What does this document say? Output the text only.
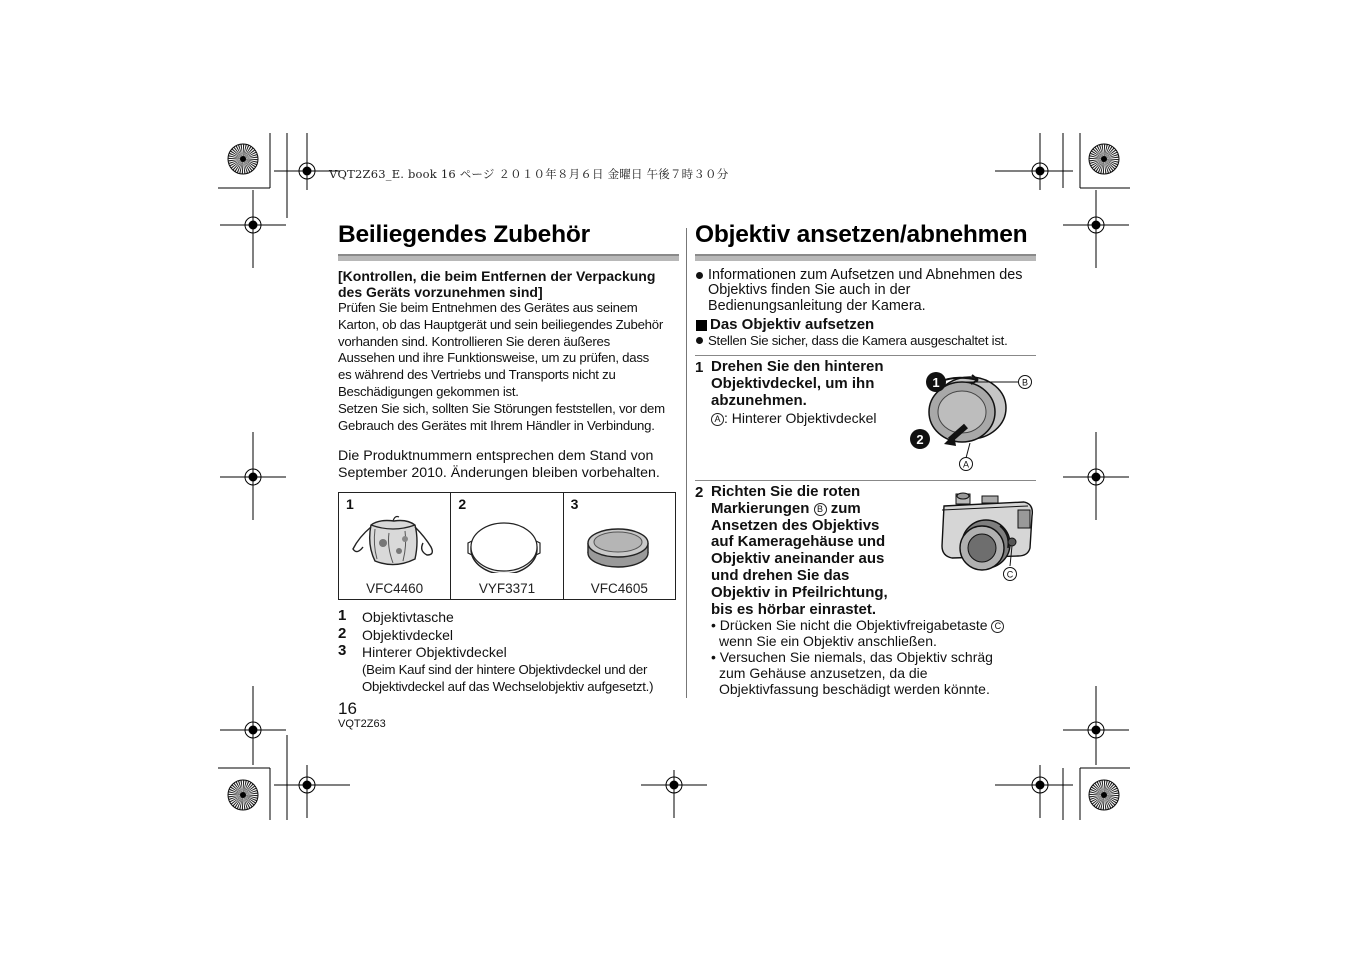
VQT2Z63_E. book 16 ページ ２０１０年８月６日 金曜日 午後７時３０分
Beiliegendes Zubehör
[Kontrollen, die beim Entfernen der Verpackung
des Geräts vorzunehmen sind]
Prüfen Sie beim Entnehmen des Gerätes aus seinem
Karton, ob das Hauptgerät und sein beiliegendes Zubehör
vorhanden sind. Kontrollieren Sie deren äußeres
Aussehen und ihre Funktionsweise, um zu prüfen, dass
es während des Vertriebs und Transports nicht zu
Beschädigungen gekommen ist.
Setzen Sie sich, sollten Sie Störungen feststellen, vor dem
Gebrauch des Gerätes mit Ihrem Händler in Verbindung.
Die Produktnummern entsprechen dem Stand von
September 2010. Änderungen bleiben vorbehalten.
1
VFC4460
2
VYF3371
3
VFC4605
1 Objektivtasche
2 Objektivdeckel
3 Hinterer Objektivdeckel
(Beim Kauf sind der hintere Objektivdeckel und der
Objektivdeckel auf das Wechselobjektiv aufgesetzt.)
16
VQT2Z63
Objektiv ansetzen/abnehmen
Informationen zum Aufsetzen und Abnehmen des
Objektivs finden Sie auch in der
Bedienungsanleitung der Kamera.
Das Objektiv aufsetzen
Stellen Sie sicher, dass die Kamera ausgeschaltet ist.
1 Drehen Sie den hinteren
Objektivdeckel, um ihn
abzunehmen.
A : Hinterer Objektivdeckel
1
2
B
A
2 Richten Sie die roten
Markierungen B zum
Ansetzen des Objektivs
auf Kameragehäuse und
Objektiv aneinander aus
und drehen Sie das
Objektiv in Pfeilrichtung,
bis es hörbar einrastet.
C
• Drücken Sie nicht die Objektivfreigabetaste C
wenn Sie ein Objektiv anschließen.
• Versuchen Sie niemals, das Objektiv schräg
zum Gehäuse anzusetzen, da die
Objektivfassung beschädigt werden könnte.
